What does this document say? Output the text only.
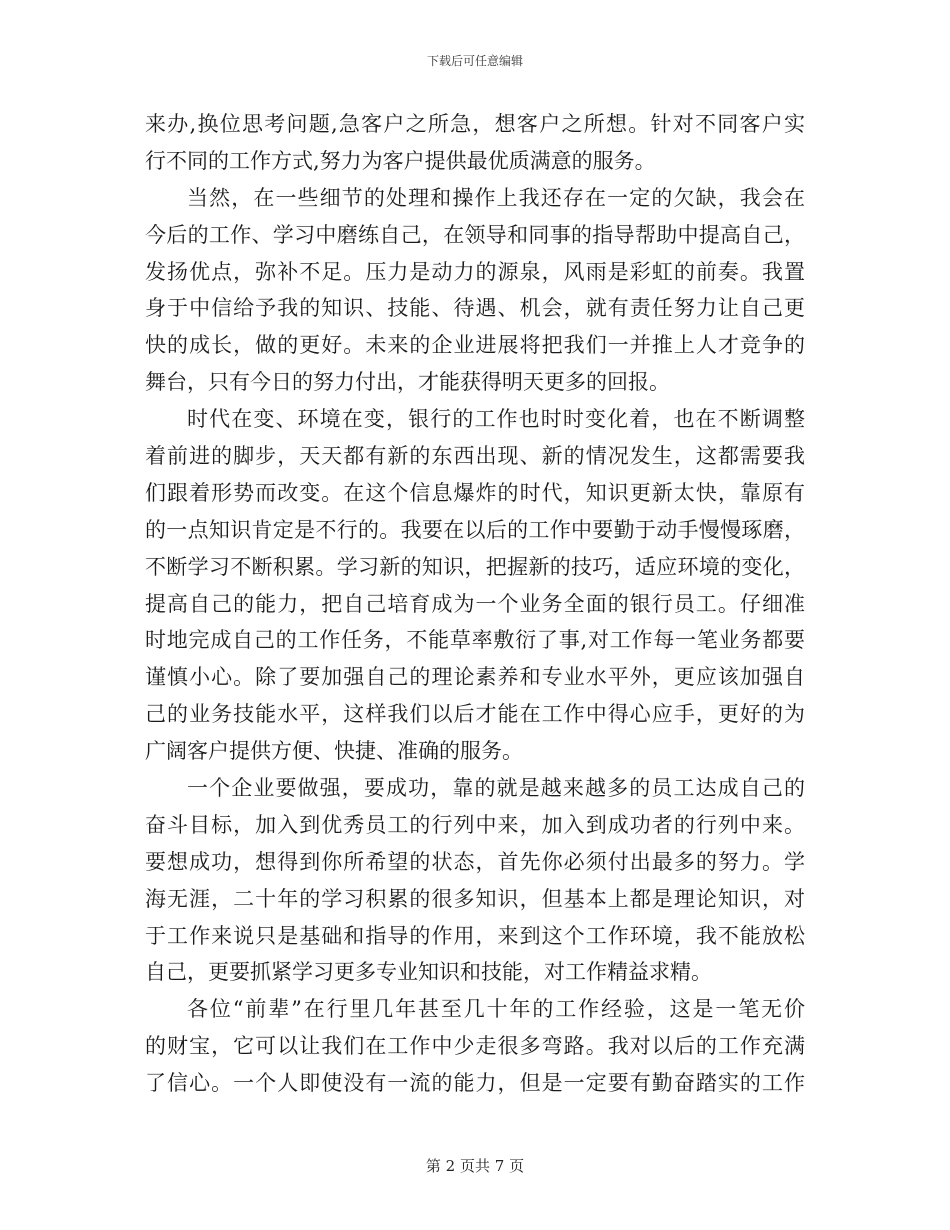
下载后可任意编辑
来办,换位思考问题,急客户之所急，想客户之所想。针对不同客户实
行不同的工作方式,努力为客户提供最优质满意的服务。
当然，在一些细节的处理和操作上我还存在一定的欠缺，我会在
今后的工作、学习中磨练自己，在领导和同事的指导帮助中提高自己，
发扬优点，弥补不足。压力是动力的源泉，风雨是彩虹的前奏。我置
身于中信给予我的知识、技能、待遇、机会，就有责任努力让自己更
快的成长，做的更好。未来的企业进展将把我们一并推上人才竞争的
舞台，只有今日的努力付出，才能获得明天更多的回报。
时代在变、环境在变，银行的工作也时时变化着，也在不断调整
着前进的脚步，天天都有新的东西出现、新的情况发生，这都需要我
们跟着形势而改变。在这个信息爆炸的时代，知识更新太快，靠原有
的一点知识肯定是不行的。我要在以后的工作中要勤于动手慢慢琢磨，
不断学习不断积累。学习新的知识，把握新的技巧，适应环境的变化，
提高自己的能力，把自己培育成为一个业务全面的银行员工。仔细准
时地完成自己的工作任务，不能草率敷衍了事,对工作每一笔业务都要
谨慎小心。除了要加强自己的理论素养和专业水平外，更应该加强自
己的业务技能水平，这样我们以后才能在工作中得心应手，更好的为
广阔客户提供方便、快捷、准确的服务。
一个企业要做强，要成功，靠的就是越来越多的员工达成自己的
奋斗目标，加入到优秀员工的行列中来，加入到成功者的行列中来。
要想成功，想得到你所希望的状态，首先你必须付出最多的努力。学
海无涯，二十年的学习积累的很多知识，但基本上都是理论知识，对
于工作来说只是基础和指导的作用，来到这个工作环境，我不能放松
自己，更要抓紧学习更多专业知识和技能，对工作精益求精。
各位“前辈”在行里几年甚至几十年的工作经验，这是一笔无价
的财宝，它可以让我们在工作中少走很多弯路。我对以后的工作充满
了信心。一个人即使没有一流的能力，但是一定要有勤奋踏实的工作
第 2 页共 7 页
